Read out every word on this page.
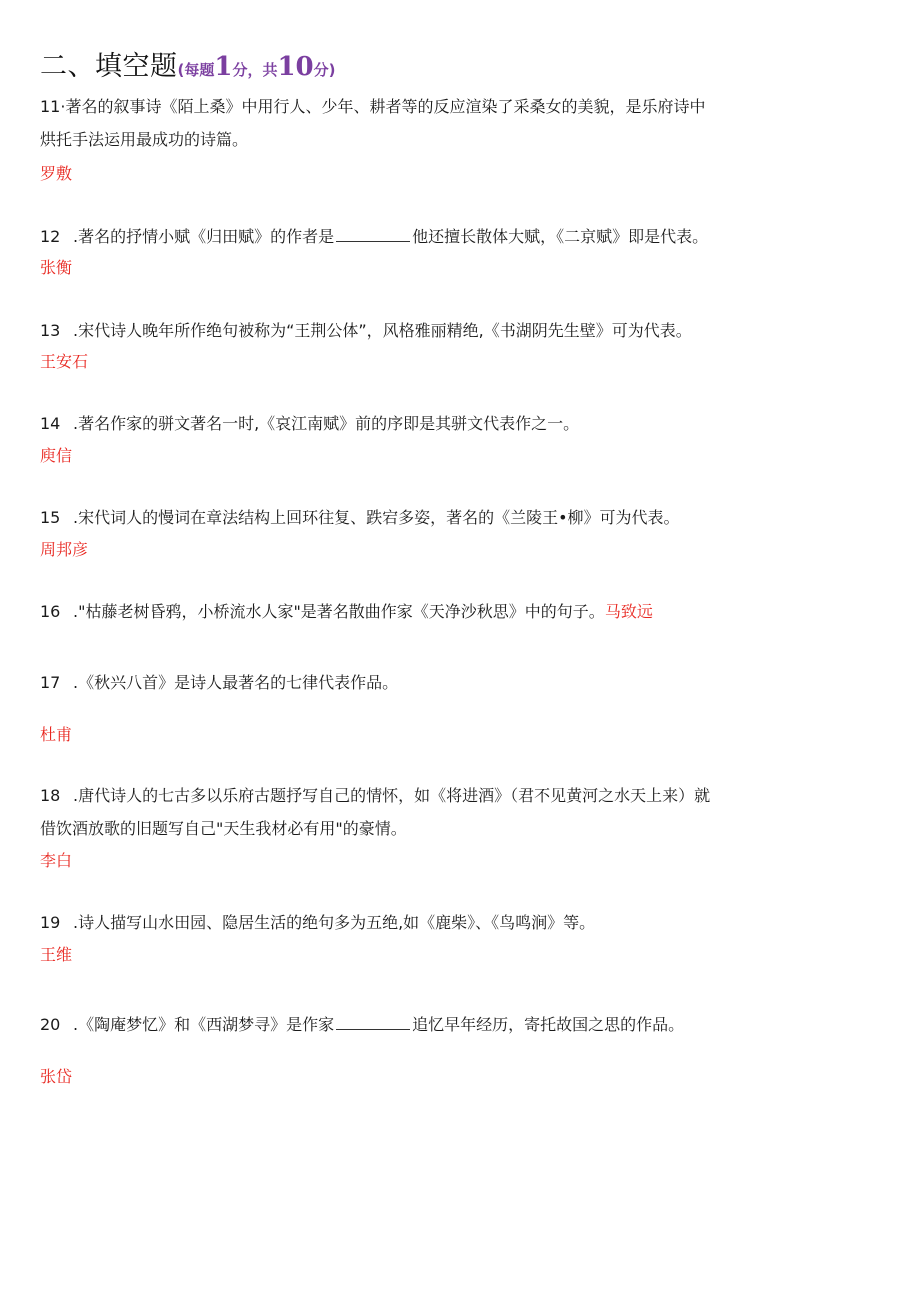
二、填空题(每题1分，共10分)
11·著名的叙事诗《陌上桑》中用行人、少年、耕者等的反应渲染了采桑女的美貌，是乐府诗中
烘托手法运用最成功的诗篇。
罗敷
12 .著名的抒情小赋《归田赋》的作者是	他还擅长散体大赋，《二京赋》即是代表。
张衡
13 .宋代诗人晚年所作绝句被称为“王荆公体”，风格雅丽精绝,《书湖阴先生壁》可为代表。
王安石
14 .著名作家的骈文著名一时,《哀江南赋》前的序即是其骈文代表作之一。
庾信
15 .宋代词人的慢词在章法结构上回环往复、跌宕多姿，著名的《兰陵王•柳》可为代表。
周邦彦
16 ."枯藤老树昏鸦，小桥流水人家"是著名散曲作家《天净沙秋思》中的句子。马致远
17 .《秋兴八首》是诗人最著名的七律代表作品。
杜甫
18 .唐代诗人的七古多以乐府古题抒写自己的情怀，如《将进酒》（君不见黄河之水天上来）就
借饮酒放歌的旧题写自己"天生我材必有用"的豪情。
李白
19 .诗人描写山水田园、隐居生活的绝句多为五绝,如《鹿柴》、《鸟鸣涧》等。
王维
20 .《陶庵梦忆》和《西湖梦寻》是作家	追忆早年经历，寄托故国之思的作品。
张岱
